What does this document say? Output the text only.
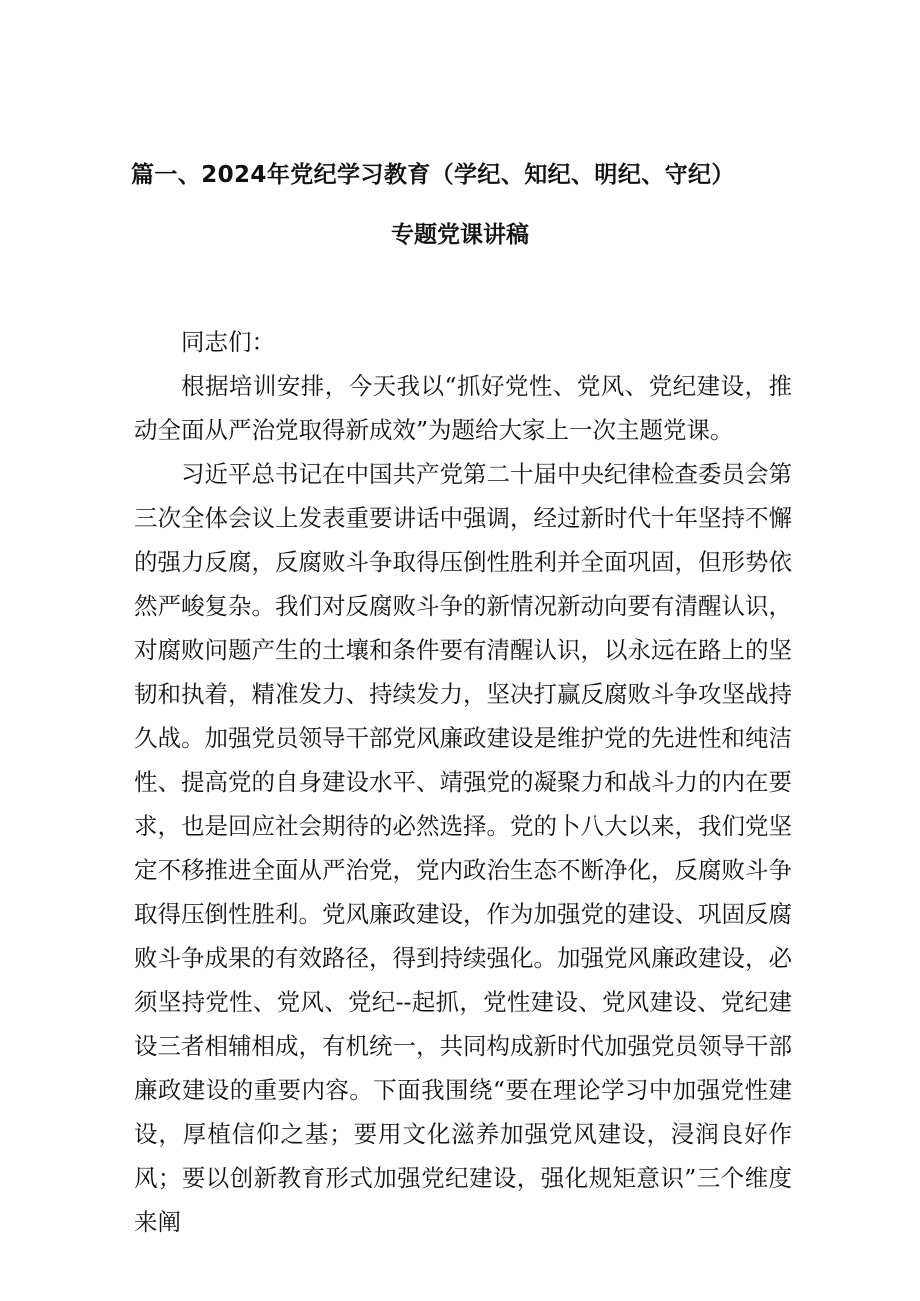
篇一、2024年党纪学习教育（学纪、知纪、明纪、守纪）
专题党课讲稿

同志们：

根据培训安排，今天我以“抓好党性、党风、党纪建设，推动全面从严治党取得新成效”为题给大家上一次主题党课。

习近平总书记在中国共产党第二十届中央纪律检查委员会第三次全体会议上发表重要讲话中强调，经过新时代十年坚持不懈的强力反腐，反腐败斗争取得压倒性胜利并全面巩固，但形势依然严峻复杂。我们对反腐败斗争的新情况新动向要有清醒认识，对腐败问题产生的土壤和条件要有清醒认识，以永远在路上的坚韧和执着，精准发力、持续发力，坚决打赢反腐败斗争攻坚战持久战。加强党员领导干部党风廉政建设是维护党的先进性和纯洁性、提高党的自身建设水平、靖强党的凝聚力和战斗力的内在要求，也是回应社会期待的必然选择。党的卜八大以来，我们党坚定不移推进全面从严治党，党内政治生态不断净化，反腐败斗争取得压倒性胜利。党风廉政建设，作为加强党的建设、巩固反腐败斗争成果的有效路径，得到持续强化。加强党风廉政建设，必须坚持党性、党风、党纪--起抓，党性建设、党风建设、党纪建设三者相辅相成，有机统一，共同构成新时代加强党员领导干部廉政建设的重要内容。下面我围绕“要在理论学习中加强党性建设，厚植信仰之基；要用文化滋养加强党风建设，浸润良好作风；要以创新教育形式加强党纪建设，强化规矩意识”三个维度来阐
